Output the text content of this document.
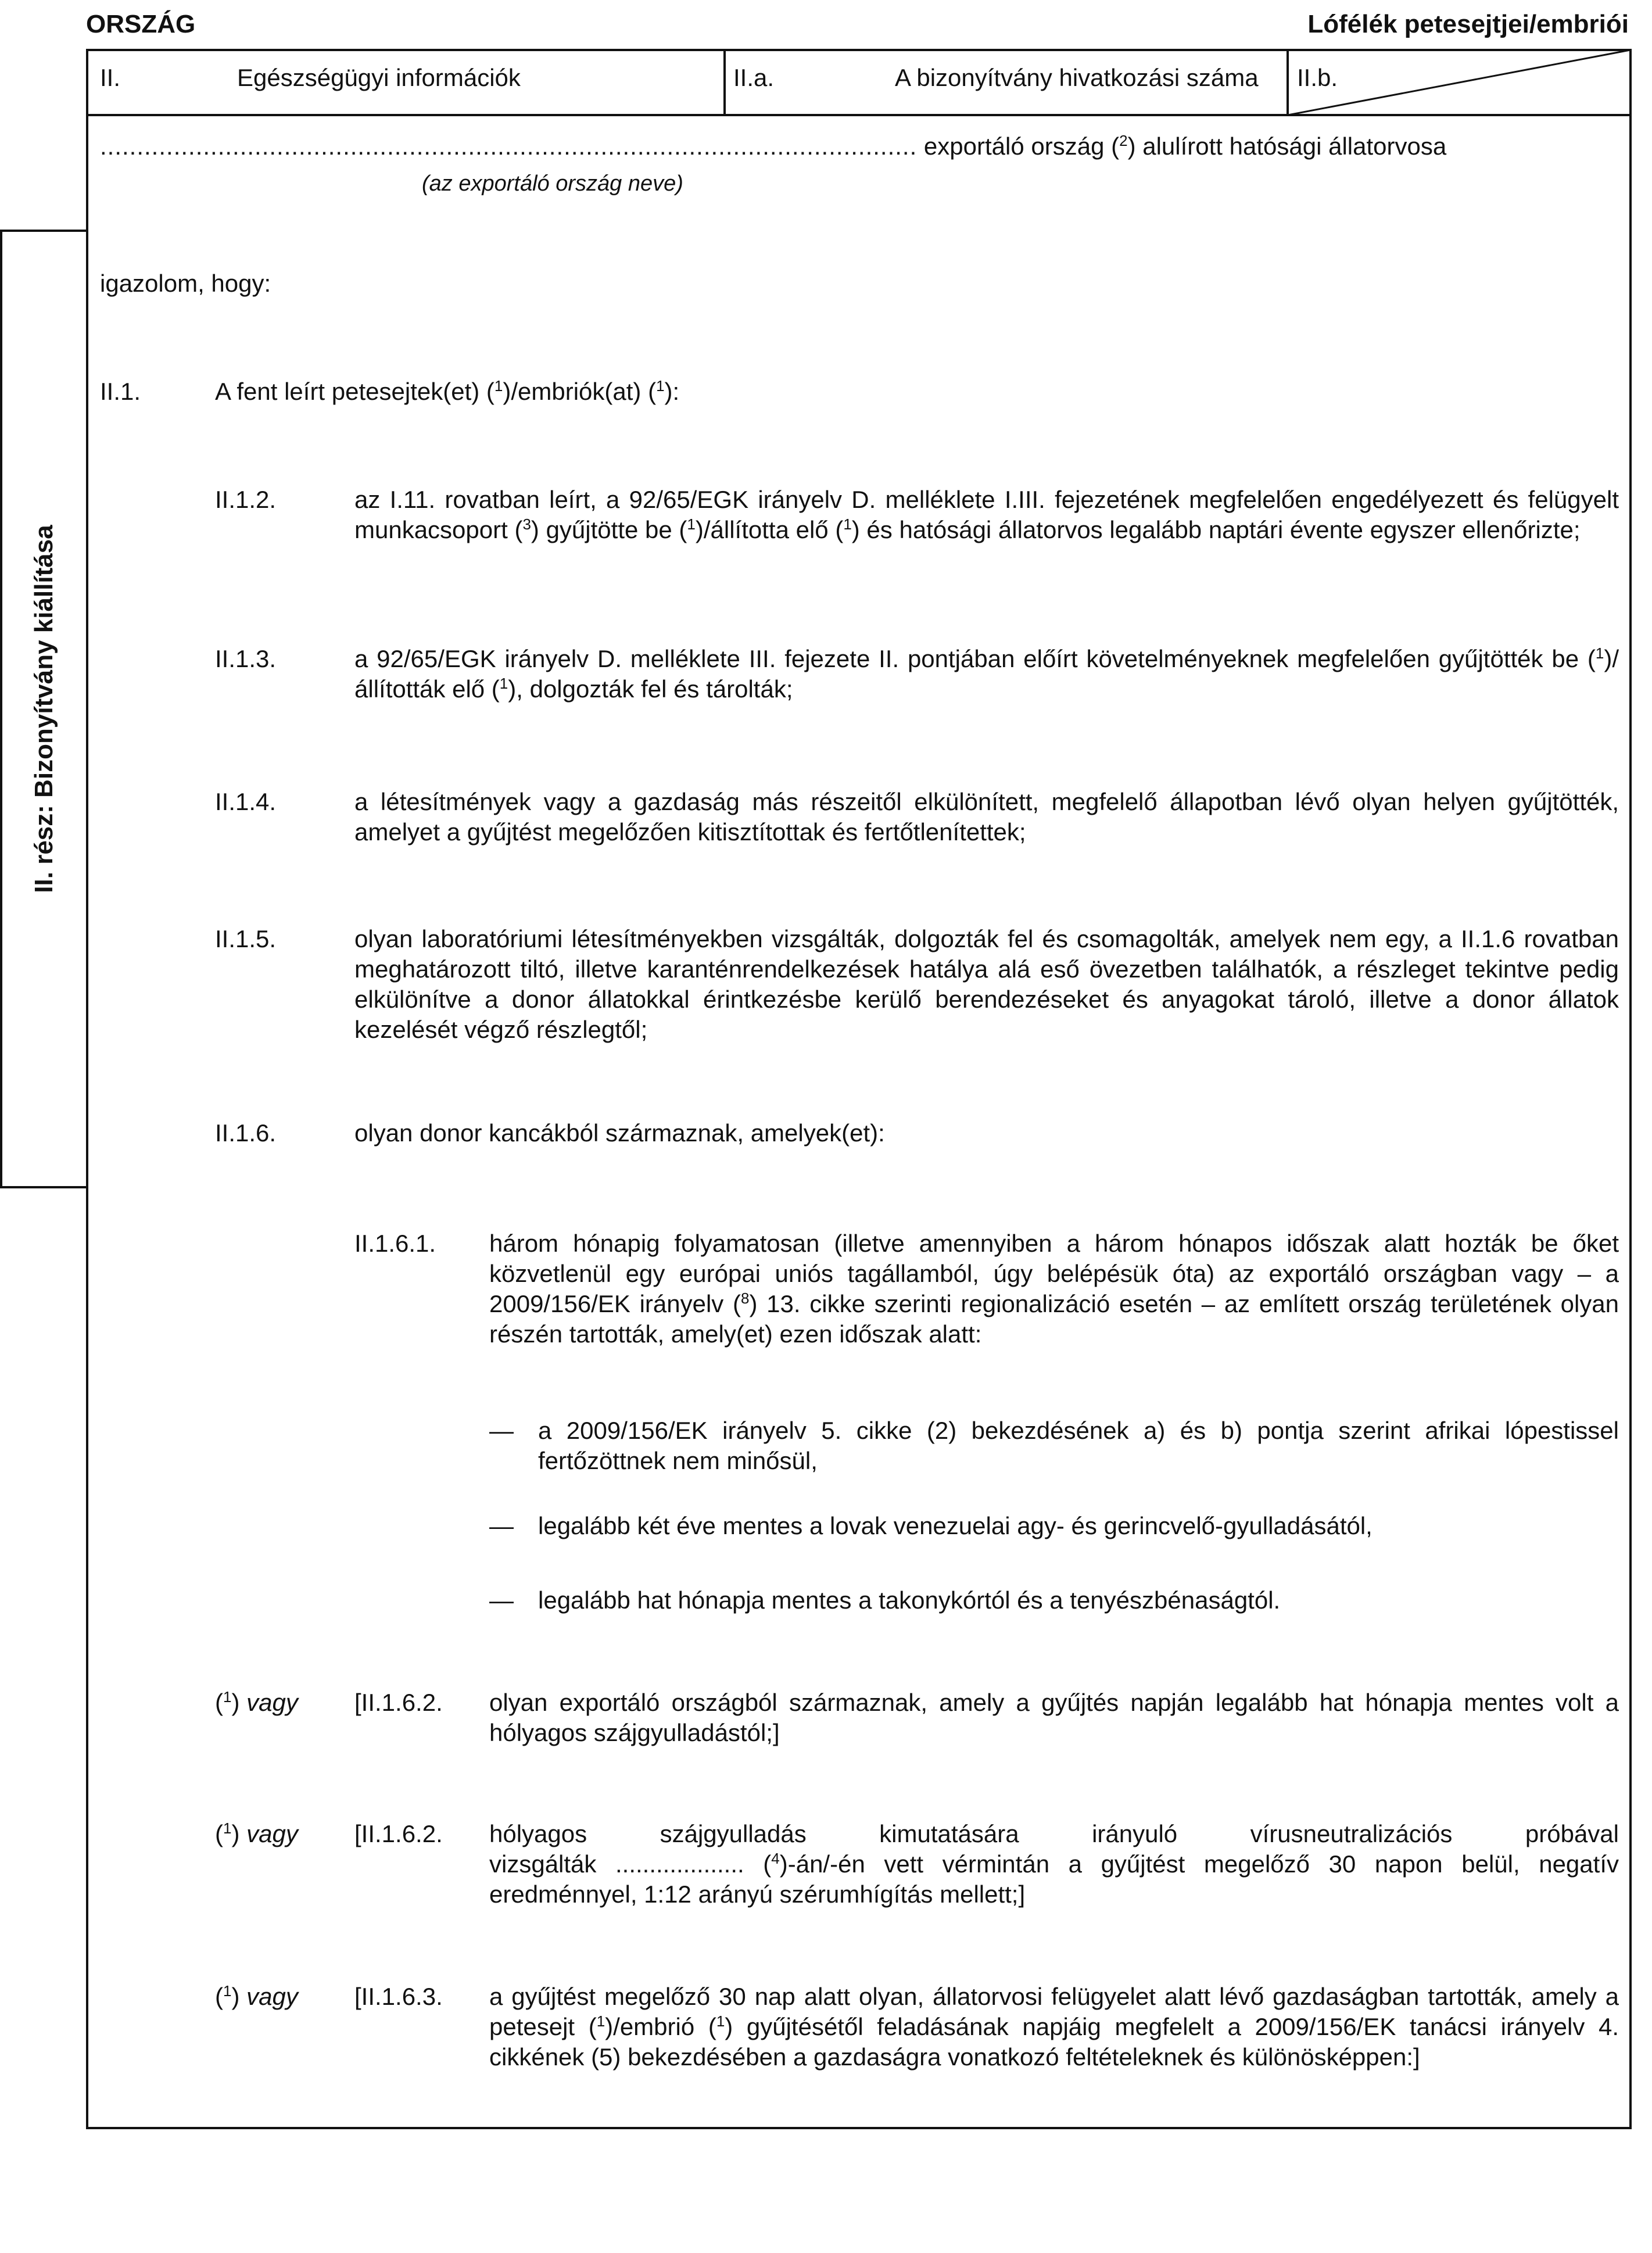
ORSZÁG	Lófélék petesejtjei/embriói
II.	Egészségügyi információk	II.a.	A bizonyítvány hivatkozási száma II.b.
II. rész: Bizonyítvány kiállítása
............................................................................................................... exportáló ország ($^2$) alulírott hatósági állatorvosa
(az exportáló ország neve)
igazolom, hogy:
II.1.	A fent leírt petesejtek(et) ($^1$)/embriók(at) ($^1$):
II.1.2.	az I.11. rovatban leírt, a 92/65/EGK irányelv D. melléklete I.III. fejezetének megfelelően engedélyezett és felügyelt munkacsoport ($^3$) gyűjtötte be ($^1$)/állította elő ($^1$) és hatósági állatorvos legalább naptári évente egyszer ellenőrizte;
II.1.3.	a 92/65/EGK irányelv D. melléklete III. fejezete II. pontjában előírt követelményeknek megfelelően gyűjtötték be ($^1$)/állították elő ($^1$), dolgozták fel és tárolták;
II.1.4.	a létesítmények vagy a gazdaság más részeitől elkülönített, megfelelő állapotban lévő olyan helyen gyűjtötték, amelyet a gyűjtést megelőzően kitisztítottak és fertőtlenítettek;
II.1.5.	olyan laboratóriumi létesítményekben vizsgálták, dolgozták fel és csomagolták, amelyek nem egy, a II.1.6 rovatban meghatározott tiltó, illetve karanténrendelkezések hatálya alá eső övezetben találhatók, a részleget tekintve pedig elkülönítve a donor állatokkal érintkezésbe kerülő berendezéseket és anyagokat tároló, illetve a donor állatok kezelését végző részlegtől;
II.1.6.	olyan donor kancákból származnak, amelyek(et):
II.1.6.1. három hónapig folyamatosan (illetve amennyiben a három hónapos időszak alatt hozták be őket közvetlenül egy európai uniós tagállamból, úgy belépésük óta) az exportáló országban vagy – a 2009/156/EK irányelv ($^8$) 13. cikke szerinti regionalizáció esetén – az említett ország területének olyan részén tartották, amely(et) ezen időszak alatt:
— a 2009/156/EK irányelv 5. cikke (2) bekezdésének a) és b) pontja szerint afrikai lópestissel fertőzöttnek nem minősül,
— legalább két éve mentes a lovak venezuelai agy- és gerincvelő-gyulladásától,
— legalább hat hónapja mentes a takonykórtól és a tenyészbénaságtól.
($^1$) vagy [II.1.6.2. olyan exportáló országból származnak, amely a gyűjtés napján legalább hat hónapja mentes volt a hólyagos szájgyulladástól;]
($^1$) vagy [II.1.6.2. hólyagos szájgyulladás kimutatására irányuló vírusneutralizációs próbával
vizsgálták ................... ($^4$)-án/-én vett vérmintán a gyűjtést megelőző 30 napon belül, negatív eredménnyel, 1:12 arányú szérumhígítás mellett;]
($^1$) vagy [II.1.6.3. a gyűjtést megelőző 30 nap alatt olyan, állatorvosi felügyelet alatt lévő gazdaságban tartották, amely a petesejt ($^1$)/embrió ($^1$) gyűjtésétől feladásának napjáig megfelelt a 2009/156/EK tanácsi irányelv 4. cikkének (5) bekezdésében a gazdaságra vonatkozó feltételeknek és különösképpen:]
